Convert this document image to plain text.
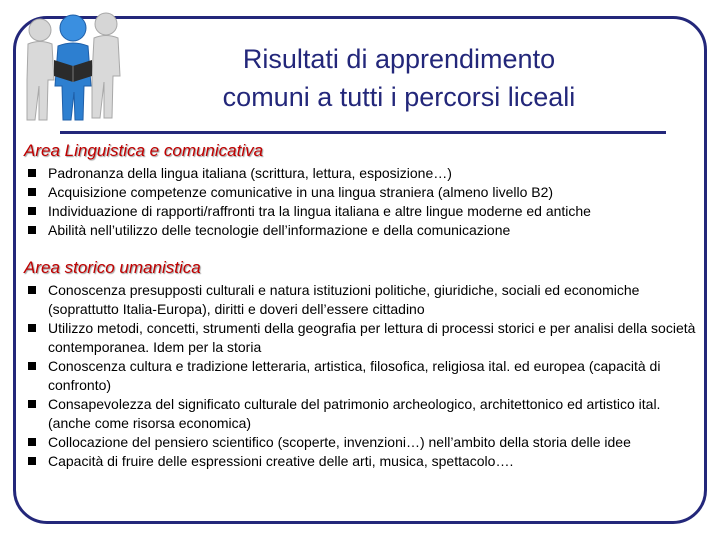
Risultati di apprendimento
comuni a tutti i percorsi liceali
Area Linguistica e comunicativa
Padronanza della lingua italiana (scrittura, lettura, esposizione…)
Acquisizione competenze comunicative in una lingua straniera (almeno livello B2)
Individuazione di rapporti/raffronti tra la lingua italiana e altre lingue moderne ed antiche
Abilità nell’utilizzo delle tecnologie dell’informazione e della comunicazione
Area storico umanistica
Conoscenza presupposti culturali e natura istituzioni politiche, giuridiche, sociali ed economiche (soprattutto Italia-Europa), diritti e doveri dell’essere cittadino
Utilizzo metodi, concetti, strumenti della geografia per lettura di processi storici e per analisi della società contemporanea. Idem per la storia
Conoscenza cultura e tradizione letteraria, artistica, filosofica, religiosa ital. ed europea (capacità di confronto)
Consapevolezza del significato culturale del patrimonio archeologico, architettonico ed artistico ital. (anche come risorsa economica)
Collocazione del pensiero scientifico (scoperte, invenzioni…) nell’ambito della storia delle idee
Capacità di fruire delle espressioni creative delle arti, musica, spettacolo….
